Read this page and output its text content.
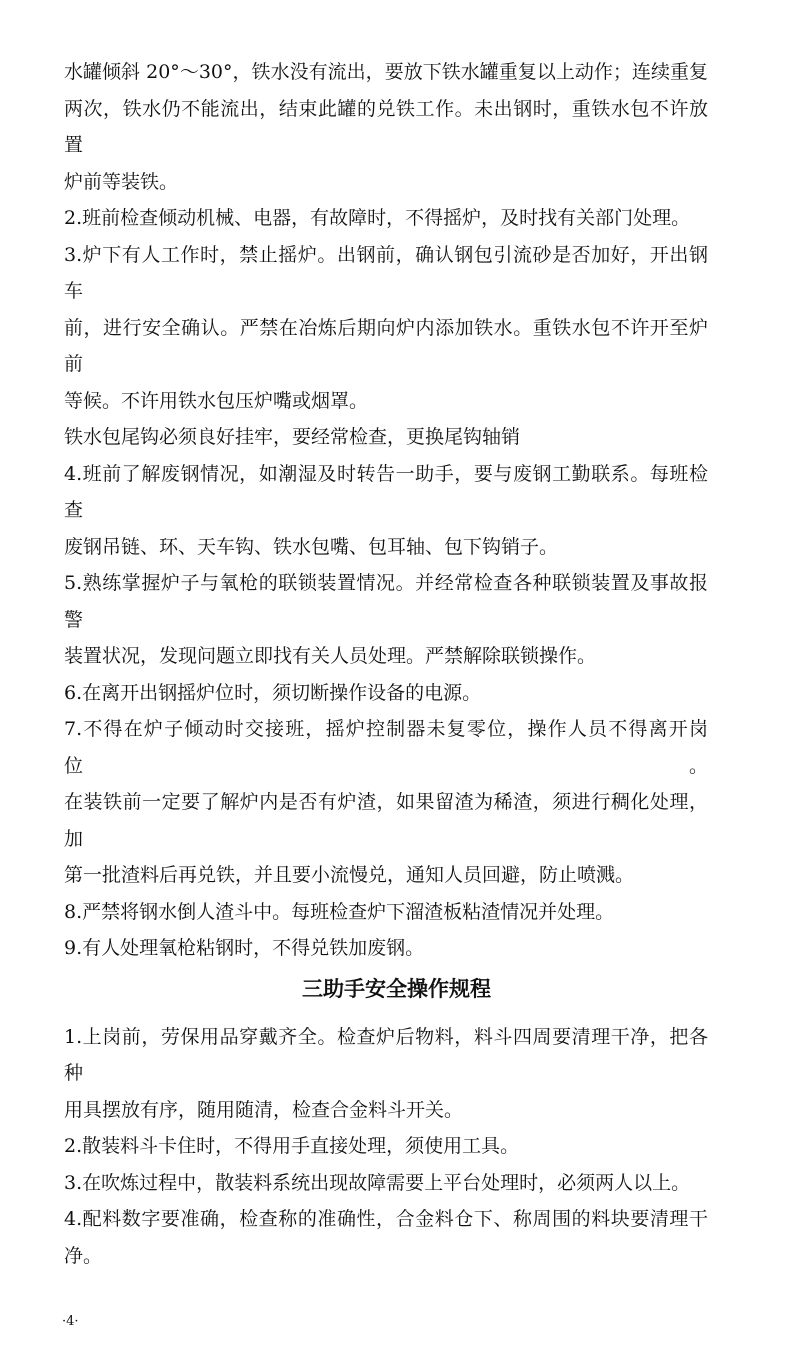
水罐倾斜 20°～30°，铁水没有流出，要放下铁水罐重复以上动作；连续重复
两次，铁水仍不能流出，结束此罐的兑铁工作。未出钢时，重铁水包不许放置
炉前等装铁。
2.班前检查倾动机械、电器，有故障时，不得摇炉，及时找有关部门处理。
3.炉下有人工作时，禁止摇炉。出钢前，确认钢包引流砂是否加好，开出钢车
前，进行安全确认。严禁在冶炼后期向炉内添加铁水。重铁水包不许开至炉前
等候。不许用铁水包压炉嘴或烟罩。
铁水包尾钩必须良好挂牢，要经常检查，更换尾钩轴销
4.班前了解废钢情况，如潮湿及时转告一助手，要与废钢工勤联系。每班检查
废钢吊链、环、天车钩、铁水包嘴、包耳轴、包下钩销子。
5.熟练掌握炉子与氧枪的联锁装置情况。并经常检查各种联锁装置及事故报警
装置状况，发现问题立即找有关人员处理。严禁解除联锁操作。
6.在离开出钢摇炉位时，须切断操作设备的电源。
7.不得在炉子倾动时交接班，摇炉控制器未复零位，操作人员不得离开岗位。
在装铁前一定要了解炉内是否有炉渣，如果留渣为稀渣，须进行稠化处理，加
第一批渣料后再兑铁，并且要小流慢兑，通知人员回避，防止喷溅。
8.严禁将钢水倒人渣斗中。每班检查炉下溜渣板粘渣情况并处理。
9.有人处理氧枪粘钢时，不得兑铁加废钢。
三助手安全操作规程
1.上岗前，劳保用品穿戴齐全。检查炉后物料，料斗四周要清理干净，把各种
用具摆放有序，随用随清，检查合金料斗开关。
2.散装料斗卡住时，不得用手直接处理，须使用工具。
3.在吹炼过程中，散装料系统出现故障需要上平台处理时，必须两人以上。
4.配料数字要准确，检查称的准确性，合金料仓下、称周围的料块要清理干
净。
·4·
